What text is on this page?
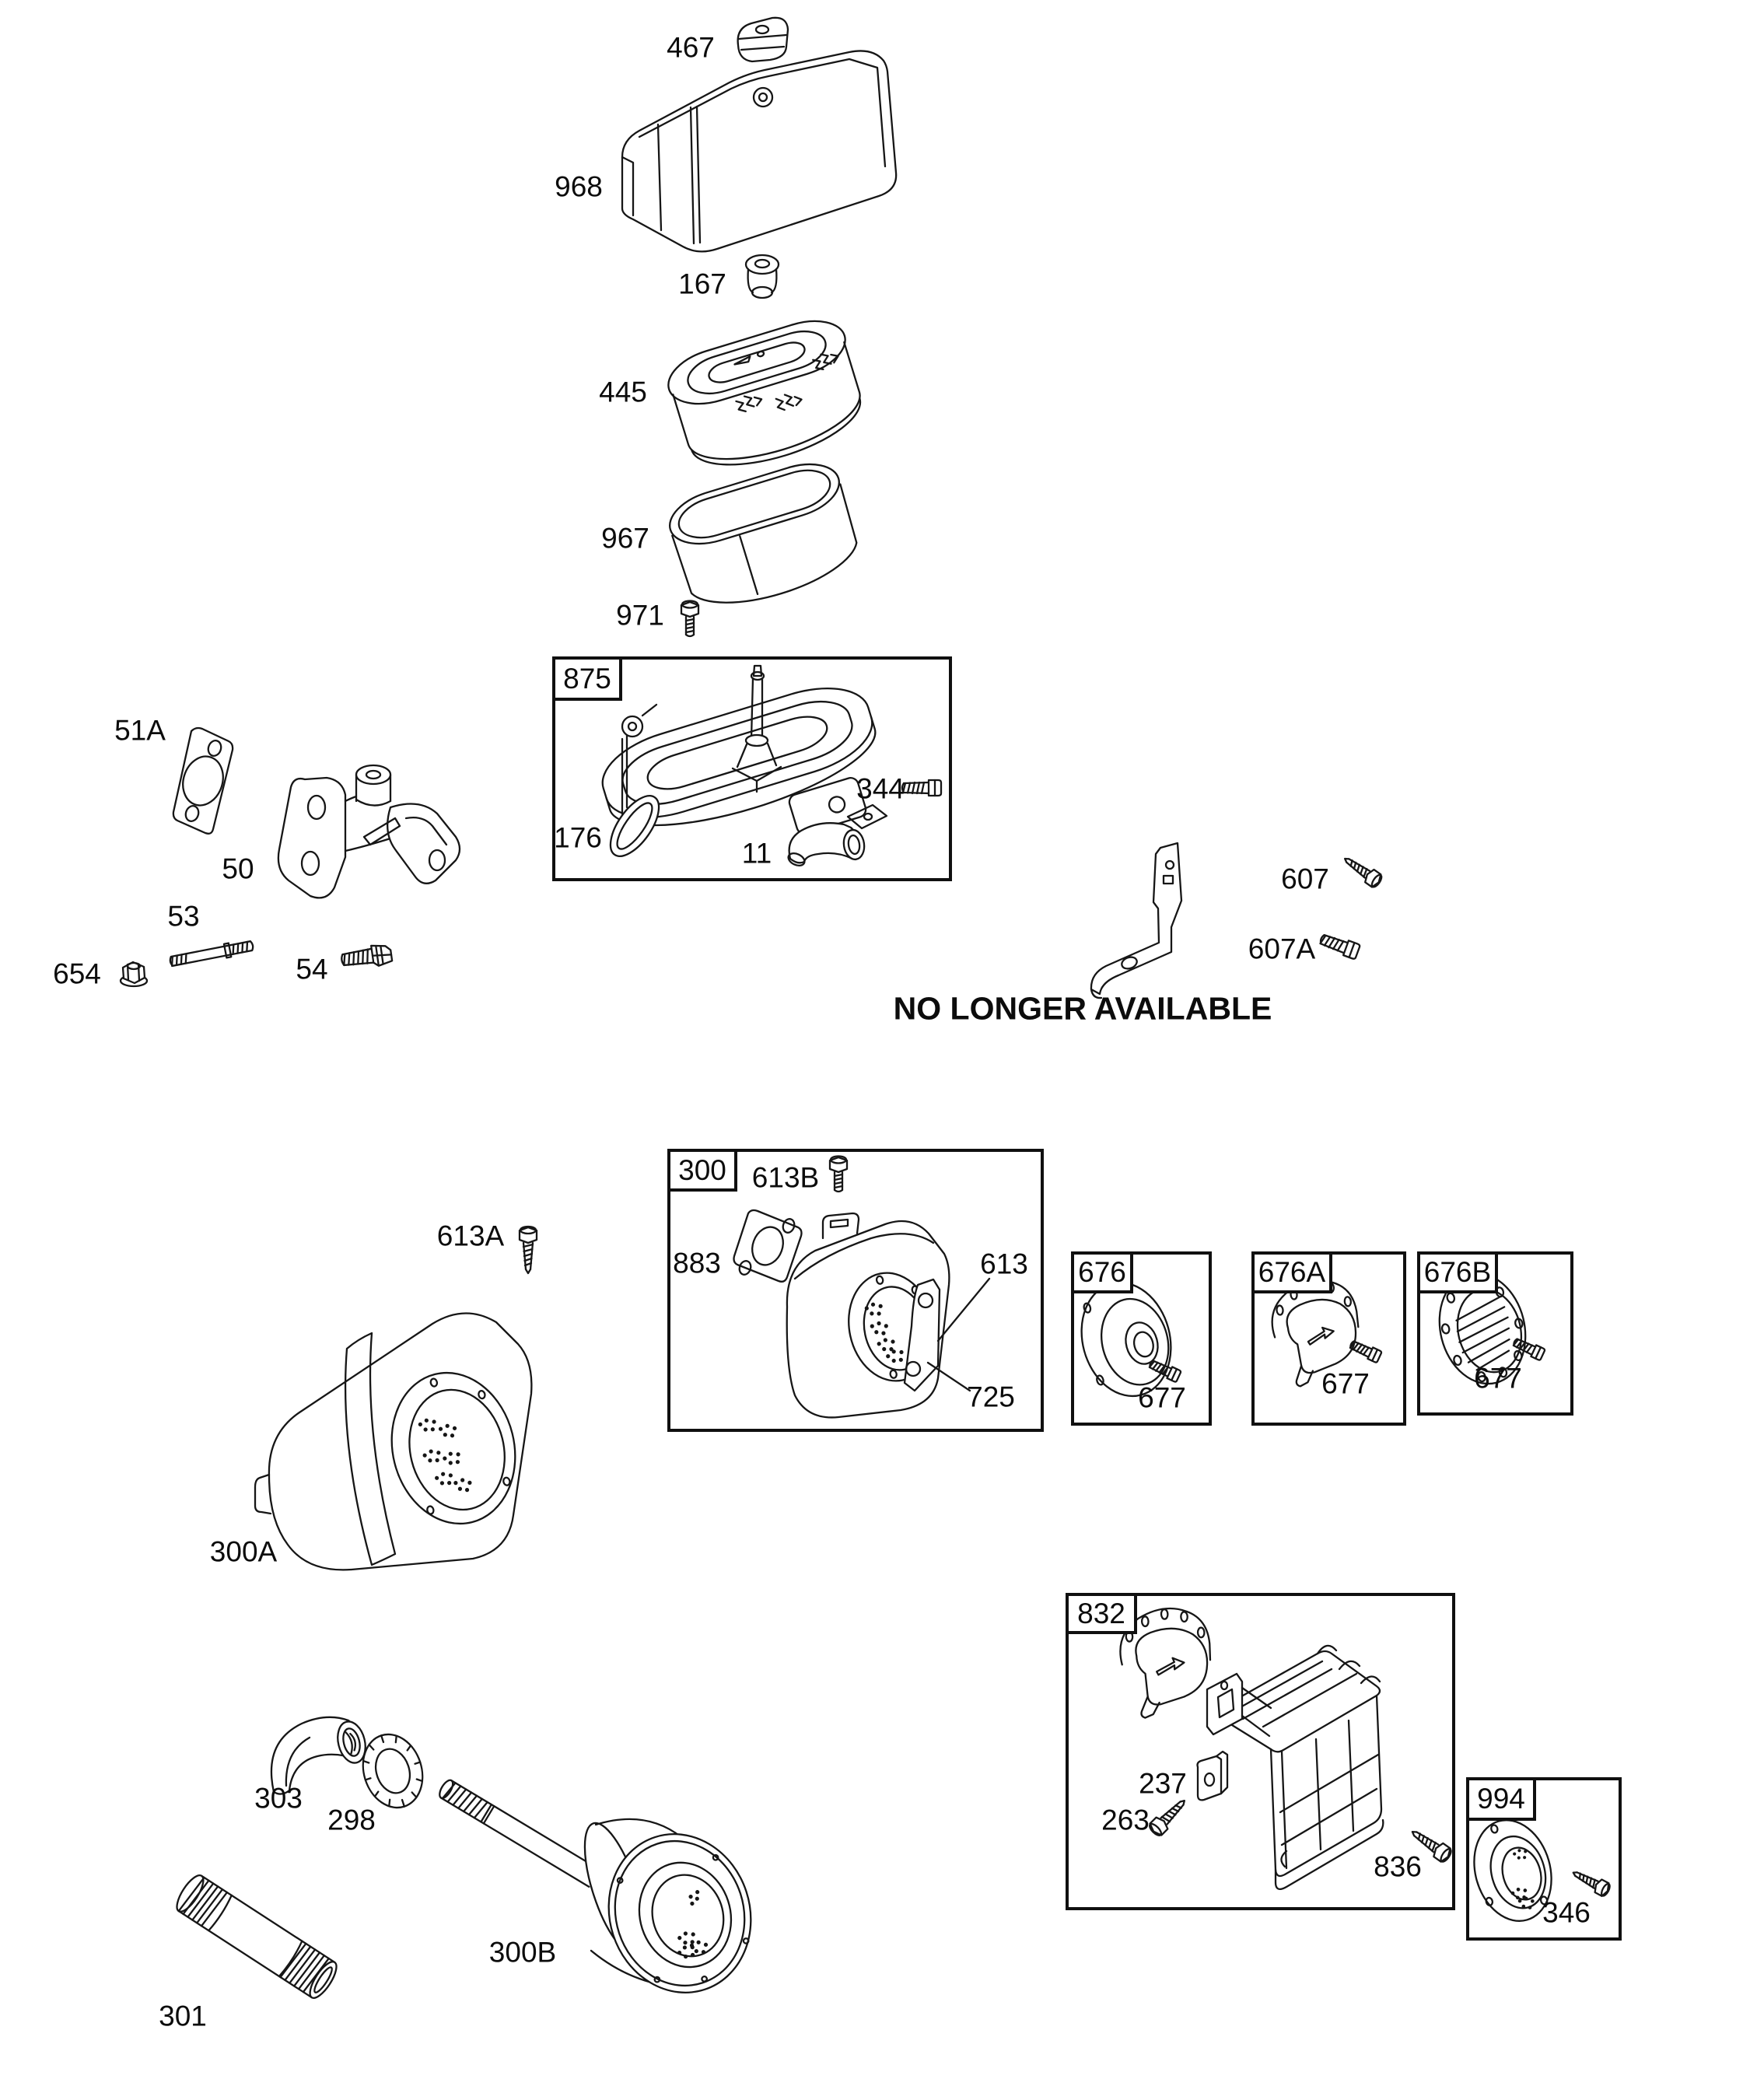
875
300
676	676A	676B
832
994
467
968
167
445
967
971
344
176	11
51A
50
53
654	54
607
607A
613B
883	613
725
613A
300A
677	677	677
237
263
836
346
303
298
301
300B
NO LONGER AVAILABLE
